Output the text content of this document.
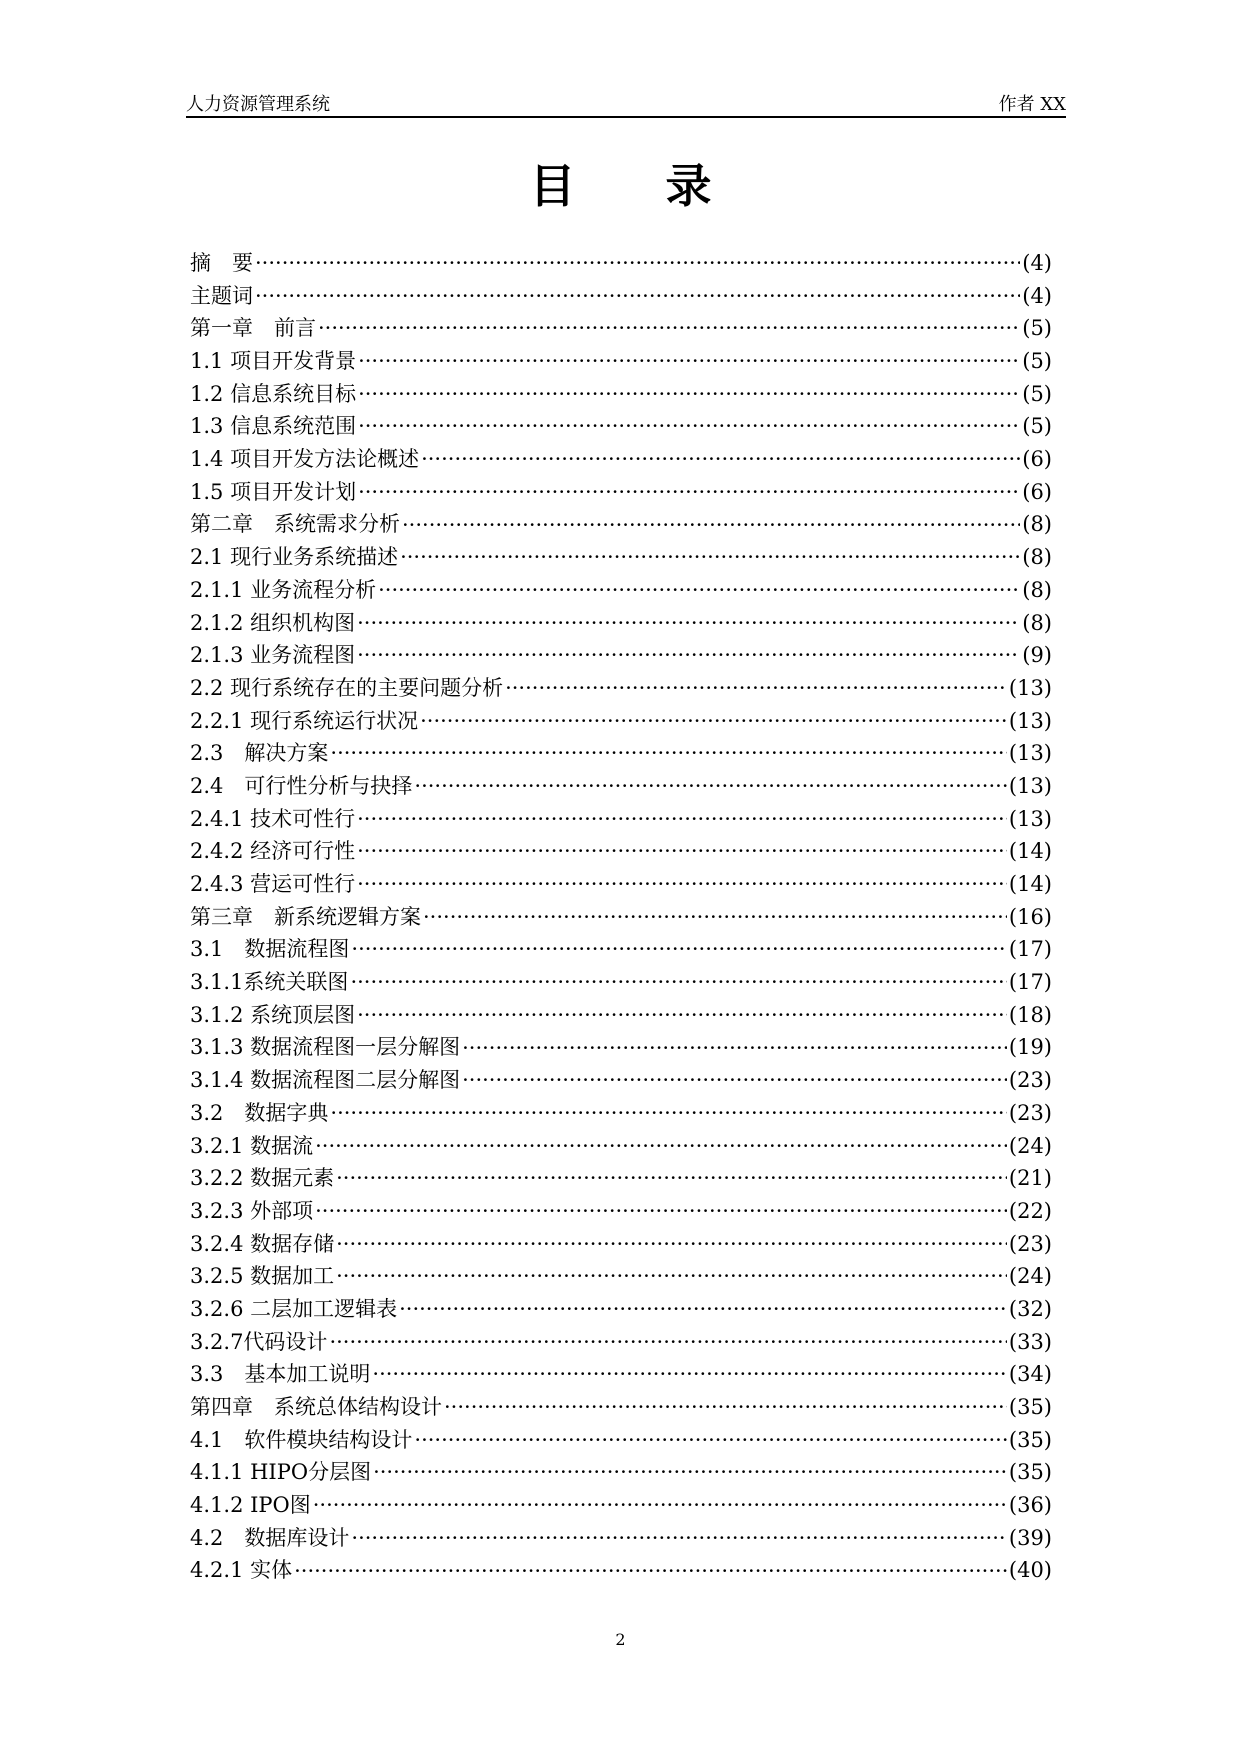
人力资源管理系统	作者 XX
目录
摘　要 ·····	(4)
主题词 ·····	(4)
第一章　前言 ·····	(5)
1.1 项目开发背景 ·····	(5)
1.2 信息系统目标 ·····	(5)
1.3 信息系统范围 ·····	(5)
1.4 项目开发方法论概述 ·····	(6)
1.5 项目开发计划 ·····	(6)
第二章　系统需求分析 ·····	(8)
2.1 现行业务系统描述 ·····	(8)
2.1.1 业务流程分析 ·····	(8)
2.1.2 组织机构图 ·····	(8)
2.1.3 业务流程图 ·····	(9)
2.2 现行系统存在的主要问题分析 ·····	(13)
2.2.1 现行系统运行状况 ·····	(13)
2.3　解决方案 ·····	(13)
2.4　可行性分析与抉择 ·····	(13)
2.4.1 技术可性行 ·····	(13)
2.4.2 经济可行性 ·····	(14)
2.4.3 营运可性行 ·····	(14)
第三章　新系统逻辑方案 ·····	(16)
3.1　数据流程图 ·····	(17)
3.1.1系统关联图 ·····	(17)
3.1.2 系统顶层图 ·····	(18)
3.1.3 数据流程图一层分解图 ·····	(19)
3.1.4 数据流程图二层分解图 ·····	(23)
3.2　数据字典 ·····	(23)
3.2.1 数据流 ·····	(24)
3.2.2 数据元素 ·····	(21)
3.2.3 外部项 ·····	(22)
3.2.4 数据存储 ·····	(23)
3.2.5 数据加工 ·····	(24)
3.2.6 二层加工逻辑表 ·····	(32)
3.2.7代码设计 ·····	(33)
3.3　基本加工说明 ·····	(34)
第四章　系统总体结构设计 ·····	(35)
4.1　软件模块结构设计 ·····	(35)
4.1.1 HIPO分层图 ·····	(35)
4.1.2 IPO图 ·····	(36)
4.2　数据库设计 ·····	(39)
4.2.1 实体 ·····	(40)
2
